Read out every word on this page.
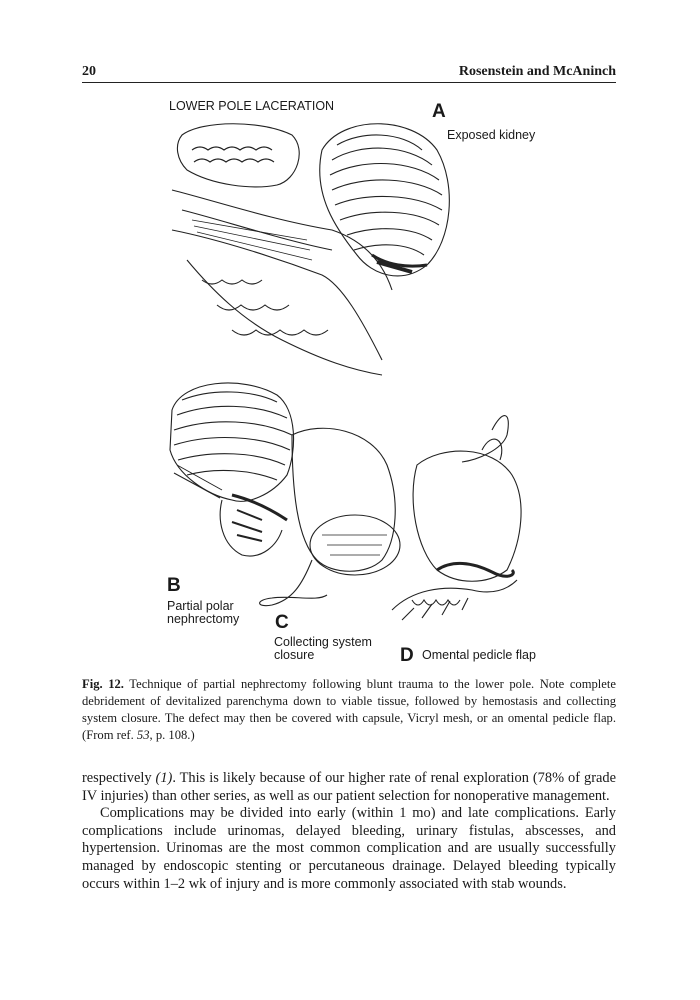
20	Rosenstein and McAninch
LOWER POLE LACERATION	A
Exposed kidney
B
Partial polar
nephrectomy C
Collecting system
closure	D Omental pedicle flap
Fig. 12. Technique of partial nephrectomy following blunt trauma to the lower pole. Note complete debridement of devitalized parenchyma down to viable tissue, followed by hemostasis and collecting system closure. The defect may then be covered with capsule, Vicryl mesh, or an omental pedicle flap. (From ref. 53, p. 108.)

respectively (1). This is likely because of our higher rate of renal exploration (78% of grade IV injuries) than other series, as well as our patient selection for nonoperative management.

Complications may be divided into early (within 1 mo) and late complications. Early complications include urinomas, delayed bleeding, urinary fistulas, abscesses, and hypertension. Urinomas are the most common complication and are usually successfully managed by endoscopic stenting or percutaneous drainage. Delayed bleeding typically occurs within 1–2 wk of injury and is more commonly associated with stab wounds.
